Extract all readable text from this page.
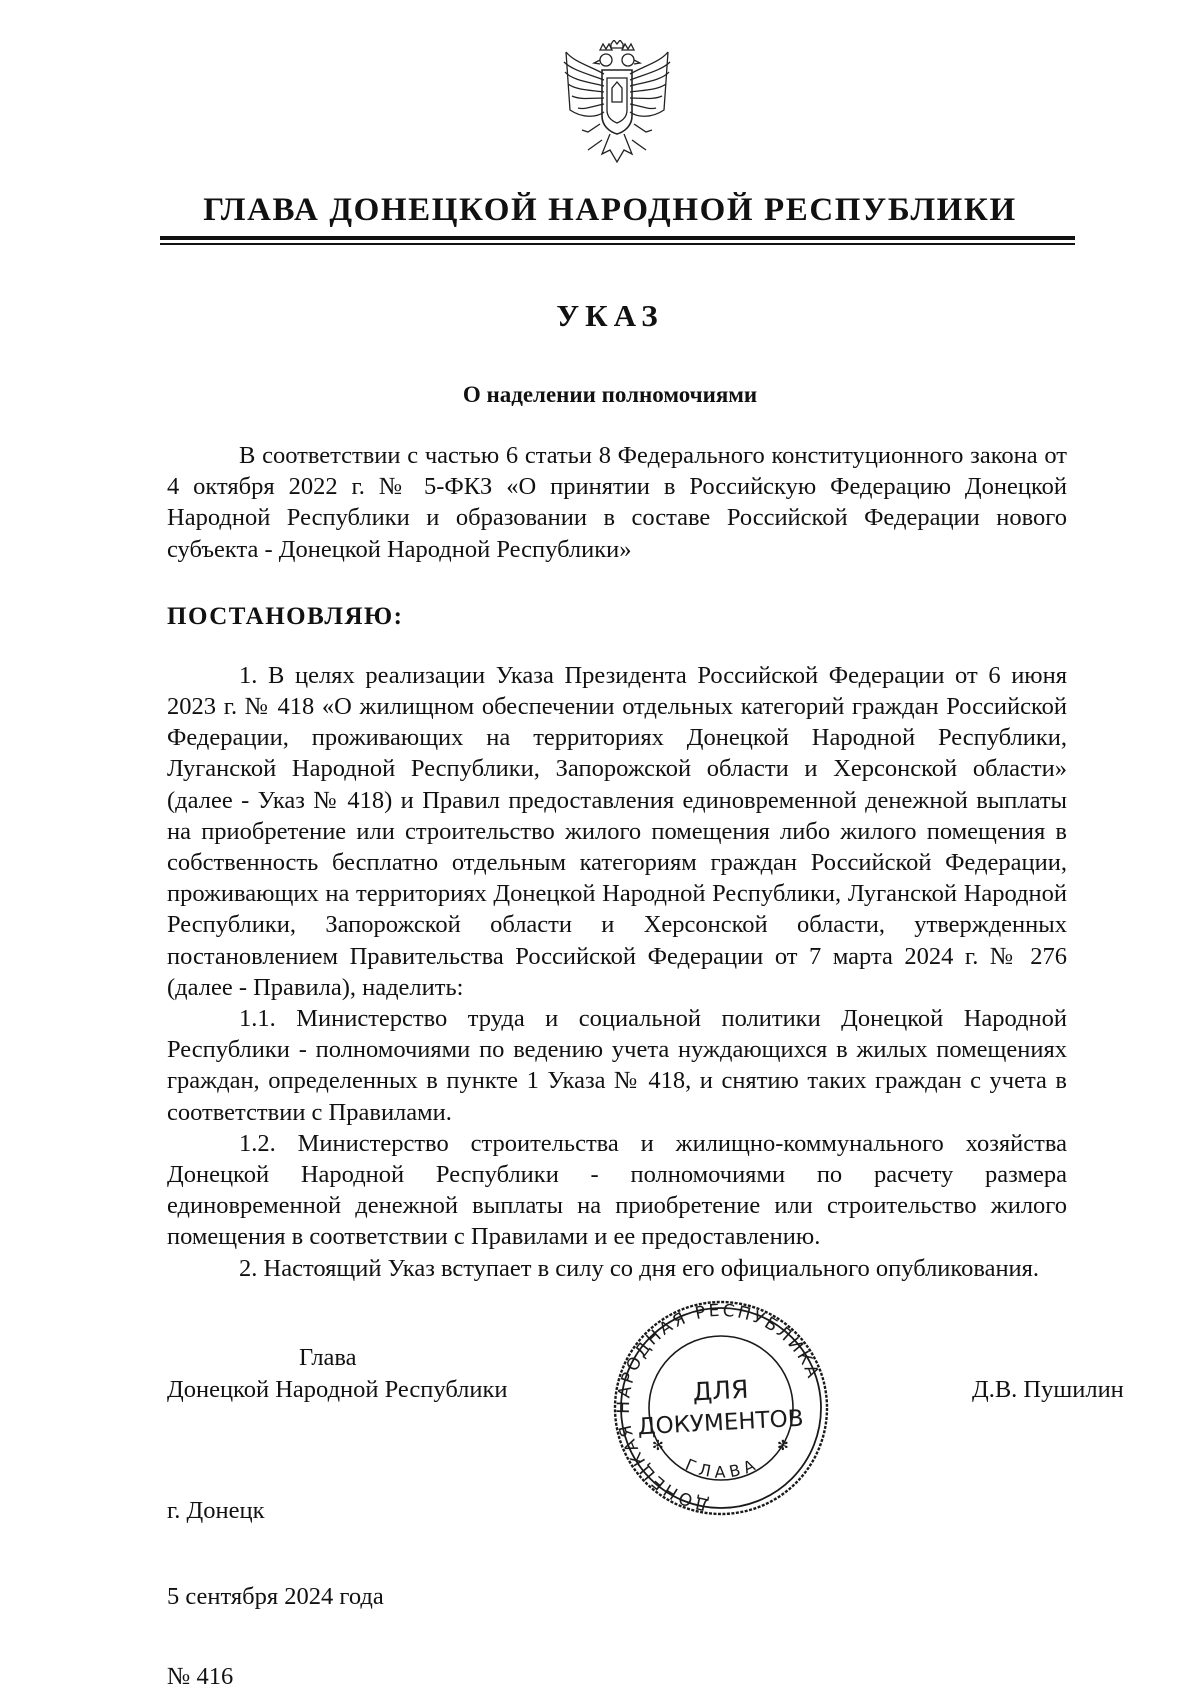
ГЛАВА ДОНЕЦКОЙ НАРОДНОЙ РЕСПУБЛИКИ
УКАЗ
О наделении полномочиями

В соответствии с частью 6 статьи 8 Федерального конституционного закона от 4 октября 2022 г. № 5-ФКЗ «О принятии в Российскую Федерацию Донецкой Народной Республики и образовании в составе Российской Федерации нового субъекта - Донецкой Народной Республики»

ПОСТАНОВЛЯЮ:

1. В целях реализации Указа Президента Российской Федерации от 6 июня 2023 г. № 418 «О жилищном обеспечении отдельных категорий граждан Российской Федерации, проживающих на территориях Донецкой Народной Республики, Луганской Народной Республики, Запорожской области и Херсонской области» (далее - Указ № 418) и Правил предоставления единовременной денежной выплаты на приобретение или строительство жилого помещения либо жилого помещения в собственность бесплатно отдельным категориям граждан Российской Федерации, проживающих на территориях Донецкой Народной Республики, Луганской Народной Республики, Запорожской области и Херсонской области, утвержденных постановлением Правительства Российской Федерации от 7 марта 2024 г. № 276 (далее - Правила), наделить:

1.1. Министерство труда и социальной политики Донецкой Народной Республики - полномочиями по ведению учета нуждающихся в жилых помещениях граждан, определенных в пункте 1 Указа № 418, и снятию таких граждан с учета в соответствии с Правилами.

1.2. Министерство строительства и жилищно-коммунального хозяйства Донецкой Народной Республики - полномочиями по расчету размера единовременной денежной выплаты на приобретение или строительство жилого помещения в соответствии с Правилами и ее предоставлению.

2. Настоящий Указ вступает в силу со дня его официального опубликования.

Глава
Донецкой Народной Республики	Д.В. Пушилин
ДОНЕЦКАЯ НАРОДНАЯ РЕСПУБЛИКА
ГЛАВА
✻	✻
ДЛЯ
ДОКУМЕНТОВ
г. Донецк
5 сентября 2024 года
№ 416
